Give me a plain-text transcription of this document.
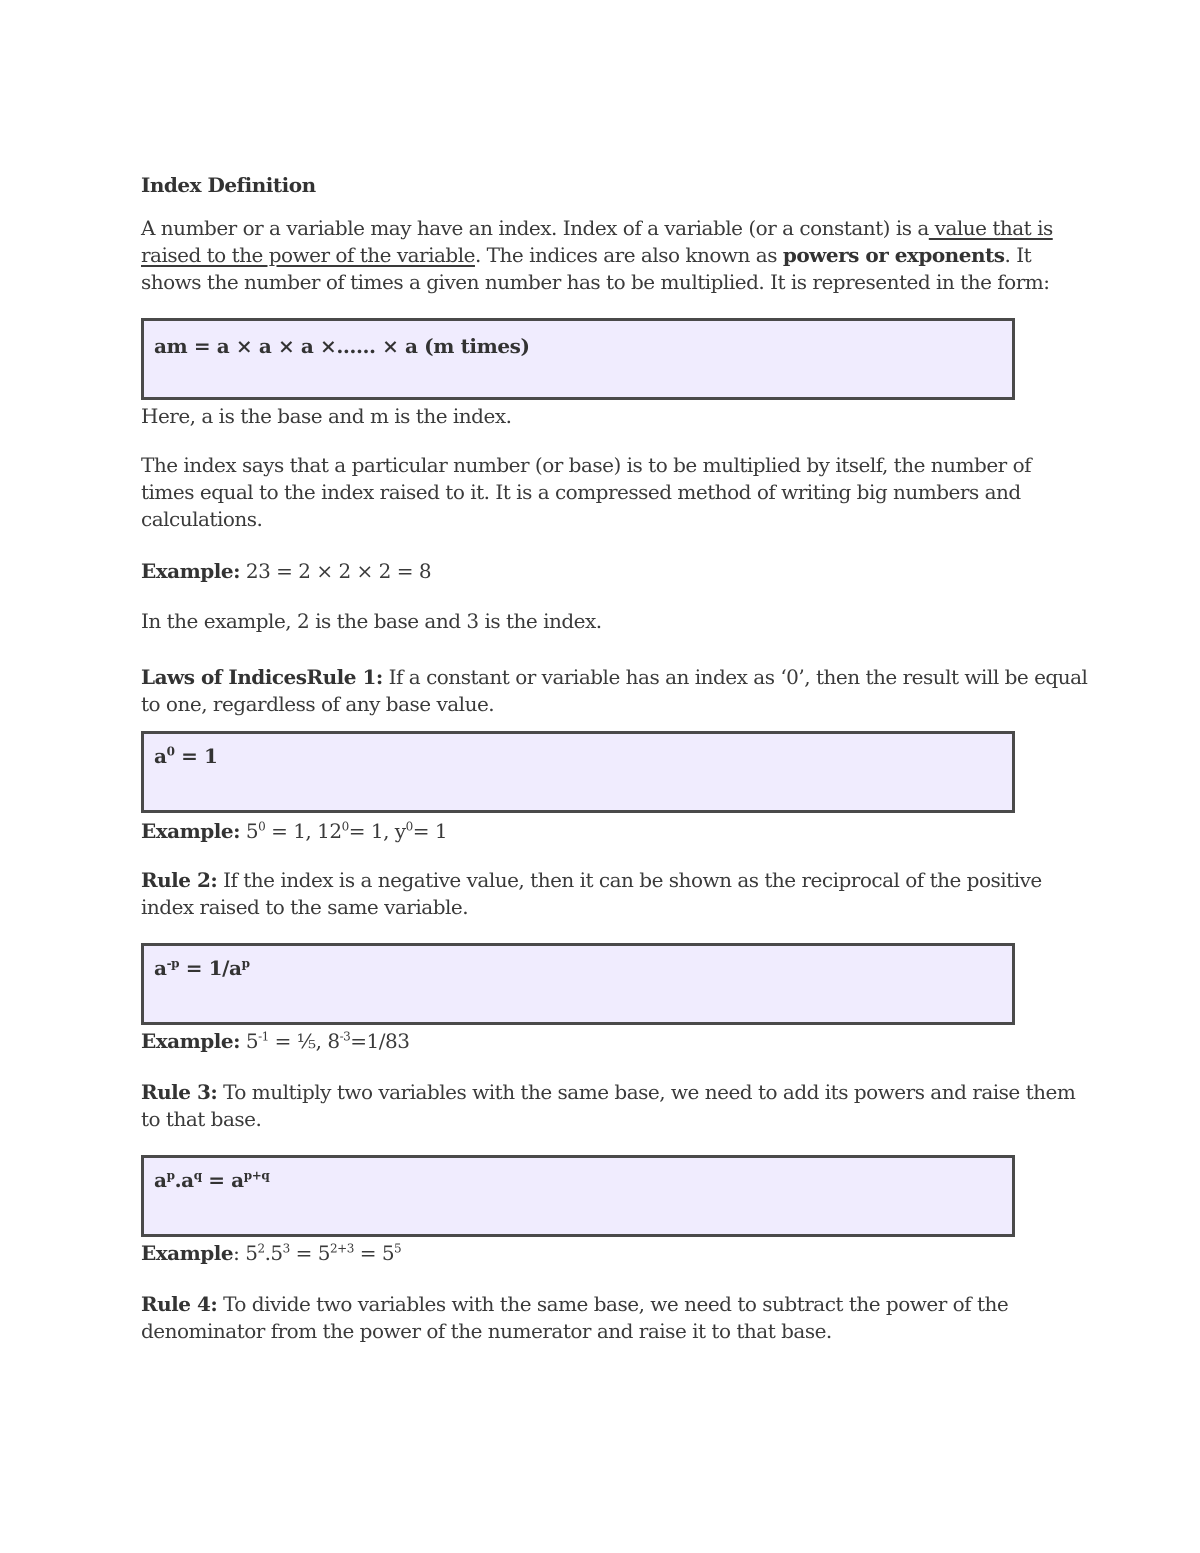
Index Definition
A number or a variable may have an index. Index of a variable (or a constant) is a value that is
raised to the power of the variable. The indices are also known as powers or exponents. It
shows the number of times a given number has to be multiplied. It is represented in the form:
am = a × a × a ×…… × a (m times)
Here, a is the base and m is the index.
The index says that a particular number (or base) is to be multiplied by itself, the number of
times equal to the index raised to it. It is a compressed method of writing big numbers and
calculations.
Example: 23 = 2 × 2 × 2 = 8
In the example, 2 is the base and 3 is the index.
Laws of IndicesRule 1: If a constant or variable has an index as ‘0’, then the result will be equal
to one, regardless of any base value.
$a^0 = 1$
Example: $5^0 = 1$, $12^0= 1$, $y^0= 1$
Rule 2: If the index is a negative value, then it can be shown as the reciprocal of the positive
index raised to the same variable.
$a^{-p} = 1/a^p$
Example: $5^{-1}$ = ⅕, $8^{-3}=1/83$
Rule 3: To multiply two variables with the same base, we need to add its powers and raise them
to that base.
$a^p.a^q = a^{p+q}$
Example: $5^2.5^3 = 5^{2+3} = 5^5$
Rule 4: To divide two variables with the same base, we need to subtract the power of the
denominator from the power of the numerator and raise it to that base.
